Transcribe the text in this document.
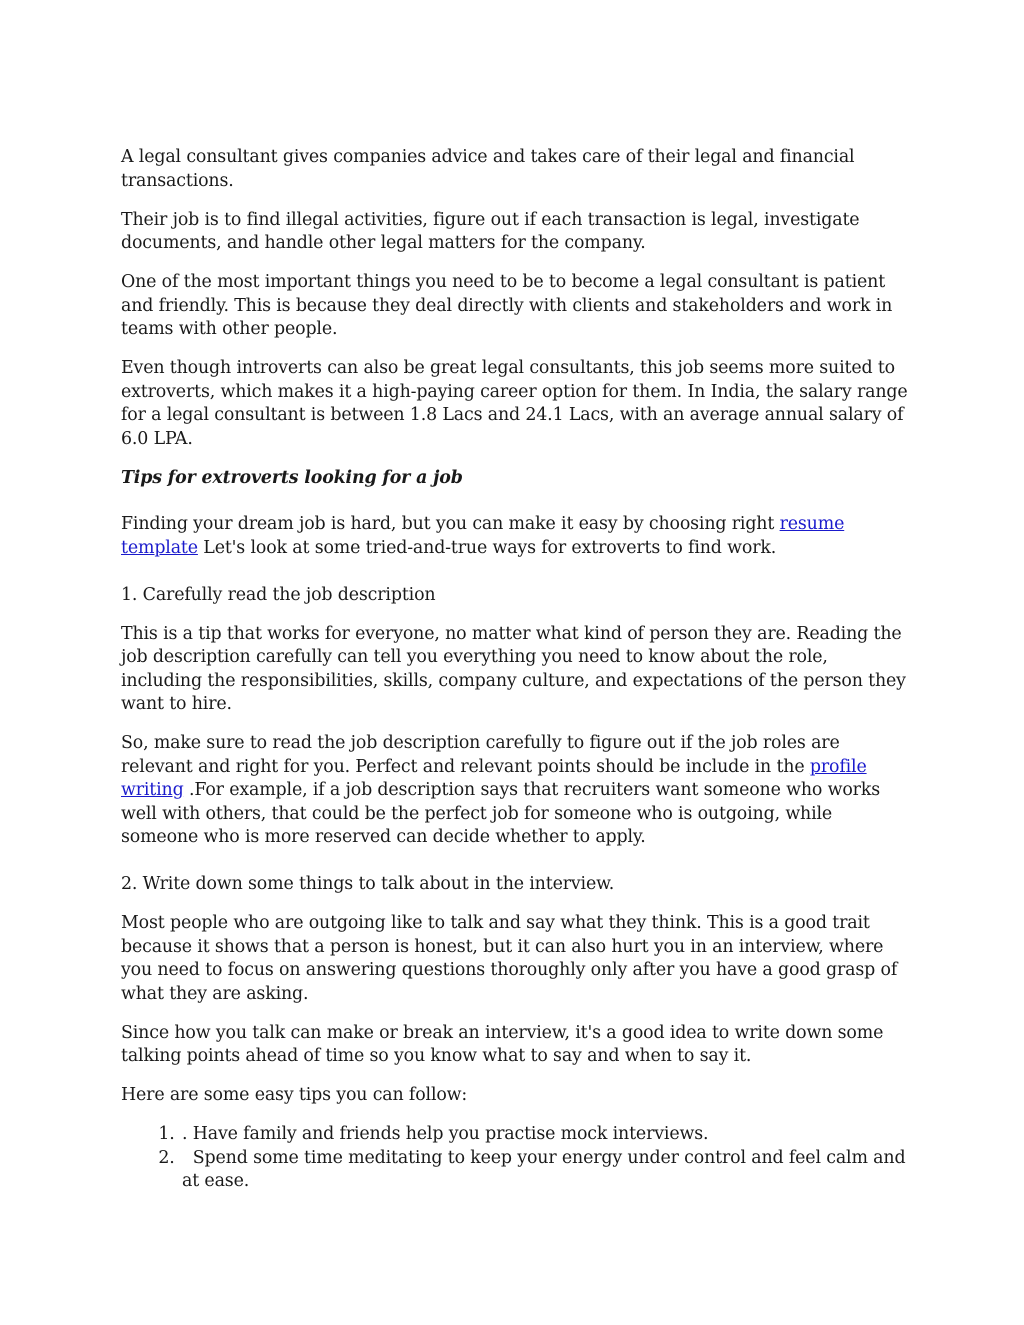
A legal consultant gives companies advice and takes care of their legal and financial transactions.

Their job is to find illegal activities, figure out if each transaction is legal, investigate documents, and handle other legal matters for the company.

One of the most important things you need to be to become a legal consultant is patient and friendly. This is because they deal directly with clients and stakeholders and work in teams with other people.

Even though introverts can also be great legal consultants, this job seems more suited to extroverts, which makes it a high-paying career option for them. In India, the salary range for a legal consultant is between 1.8 Lacs and 24.1 Lacs, with an average annual salary of 6.0 LPA.

Tips for extroverts looking for a job

Finding your dream job is hard, but you can make it easy by choosing right resume template Let's look at some tried-and-true ways for extroverts to find work.

1. Carefully read the job description

This is a tip that works for everyone, no matter what kind of person they are. Reading the job description carefully can tell you everything you need to know about the role, including the responsibilities, skills, company culture, and expectations of the person they want to hire.

So, make sure to read the job description carefully to figure out if the job roles are relevant and right for you. Perfect and relevant points should be include in the profile writing .For example, if a job description says that recruiters want someone who works well with others, that could be the perfect job for someone who is outgoing, while someone who is more reserved can decide whether to apply.

2. Write down some things to talk about in the interview.

Most people who are outgoing like to talk and say what they think. This is a good trait because it shows that a person is honest, but it can also hurt you in an interview, where you need to focus on answering questions thoroughly only after you have a good grasp of what they are asking.

Since how you talk can make or break an interview, it's a good idea to write down some talking points ahead of time so you know what to say and when to say it.

Here are some easy tips you can follow:

1. . Have family and friends help you practise mock interviews.
2.   Spend some time meditating to keep your energy under control and feel calm and at ease.
